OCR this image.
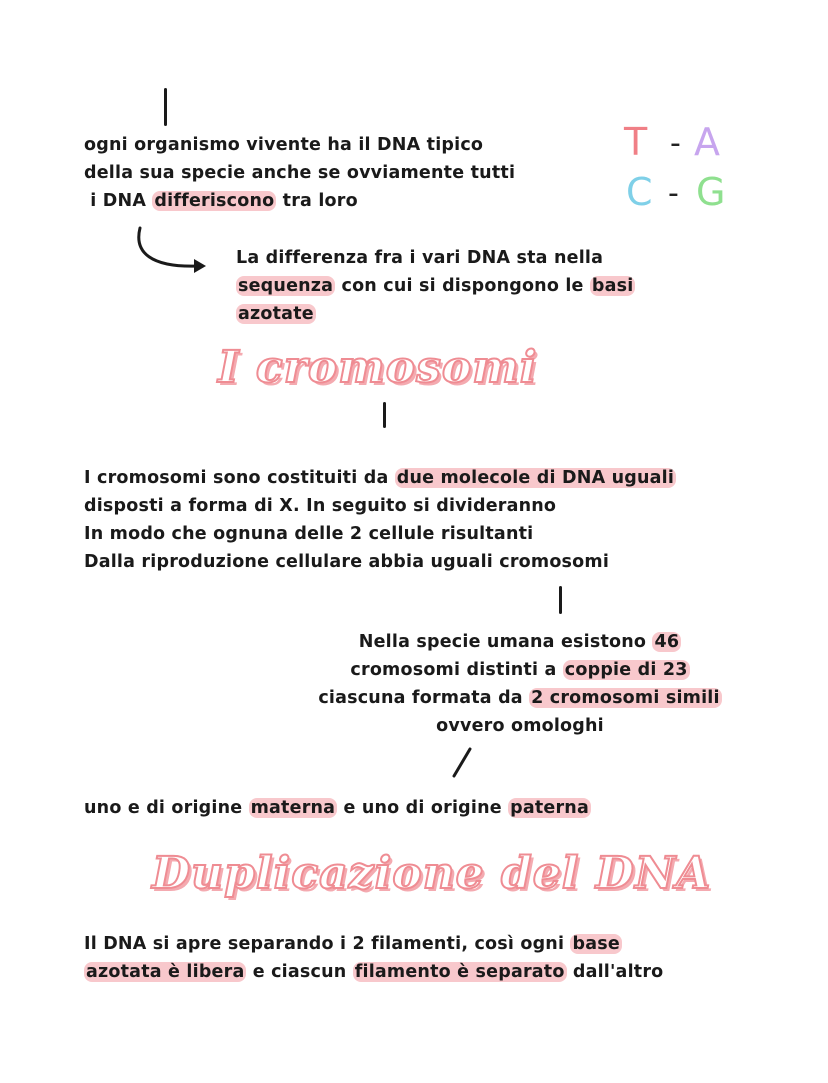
ogni organismo vivente ha il DNA tipico
della sua specie anche se ovviamente tutti
i DNA differiscono tra loro
T - A
C - G
La differenza fra i vari DNA sta nella
sequenza con cui si dispongono le basi
azotate
I cromosomi
I cromosomi sono costituiti da due molecole di DNA uguali
disposti a forma di X. In seguito si divideranno
In modo che ognuna delle 2 cellule risultanti
Dalla riproduzione cellulare abbia uguali cromosomi
Nella specie umana esistono 46
cromosomi distinti a coppie di 23
ciascuna formata da 2 cromosomi simili
ovvero omologhi
uno e di origine materna e uno di origine paterna
Duplicazione del DNA
Il DNA si apre separando i 2 filamenti, così ogni base
azotata è libera e ciascun filamento è separato dall'altro
